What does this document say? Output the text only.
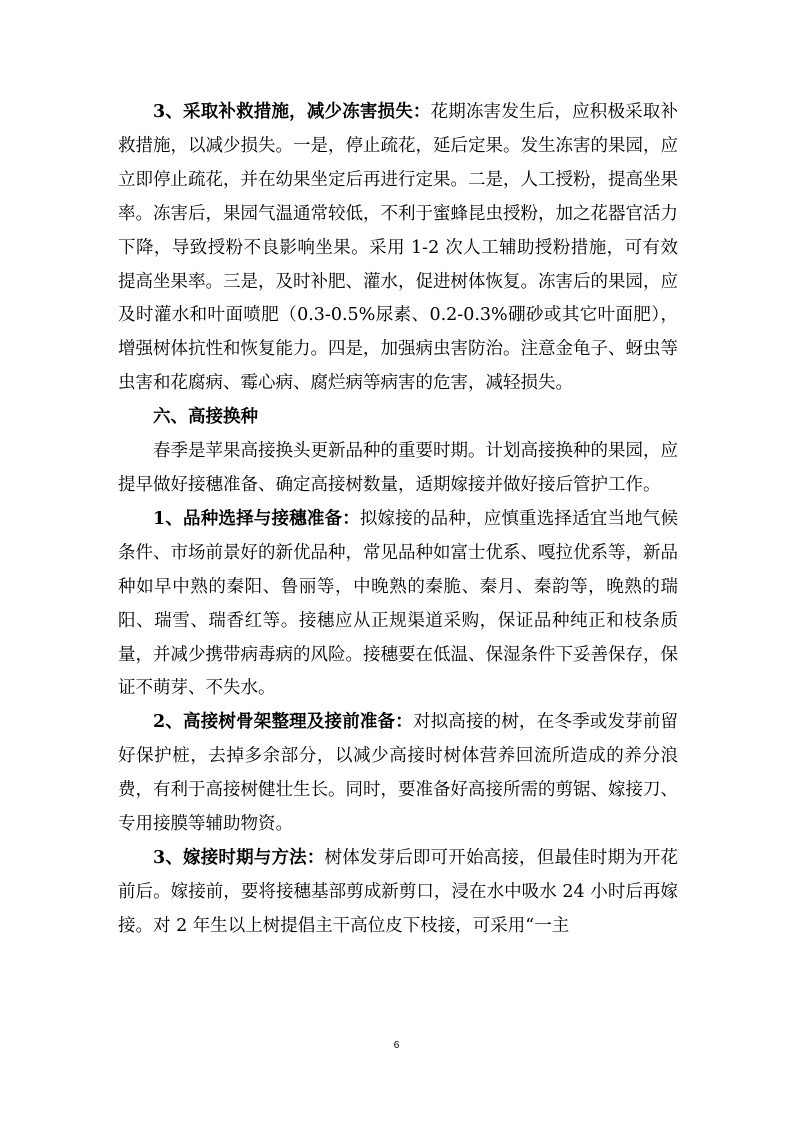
3、采取补救措施，减少冻害损失：花期冻害发生后，应积极采取补救措施，以减少损失。一是，停止疏花，延后定果。发生冻害的果园，应立即停止疏花，并在幼果坐定后再进行定果。二是，人工授粉，提高坐果率。冻害后，果园气温通常较低，不利于蜜蜂昆虫授粉，加之花器官活力下降，导致授粉不良影响坐果。采用 1-2 次人工辅助授粉措施，可有效提高坐果率。三是，及时补肥、灌水，促进树体恢复。冻害后的果园，应及时灌水和叶面喷肥（0.3-0.5%尿素、0.2-0.3%硼砂或其它叶面肥），增强树体抗性和恢复能力。四是，加强病虫害防治。注意金龟子、蚜虫等虫害和花腐病、霉心病、腐烂病等病害的危害，减轻损失。

六、高接换种

春季是苹果高接换头更新品种的重要时期。计划高接换种的果园，应提早做好接穗准备、确定高接树数量，适期嫁接并做好接后管护工作。

1、品种选择与接穗准备：拟嫁接的品种，应慎重选择适宜当地气候条件、市场前景好的新优品种，常见品种如富士优系、嘎拉优系等，新品种如早中熟的秦阳、鲁丽等，中晚熟的秦脆、秦月、秦韵等，晚熟的瑞阳、瑞雪、瑞香红等。接穗应从正规渠道采购，保证品种纯正和枝条质量，并减少携带病毒病的风险。接穗要在低温、保湿条件下妥善保存，保证不萌芽、不失水。

2、高接树骨架整理及接前准备：对拟高接的树，在冬季或发芽前留好保护桩，去掉多余部分，以减少高接时树体营养回流所造成的养分浪费，有利于高接树健壮生长。同时，要准备好高接所需的剪锯、嫁接刀、专用接膜等辅助物资。

3、嫁接时期与方法：树体发芽后即可开始高接，但最佳时期为开花前后。嫁接前，要将接穗基部剪成新剪口，浸在水中吸水 24 小时后再嫁接。对 2 年生以上树提倡主干高位皮下枝接，可采用“一主

6
